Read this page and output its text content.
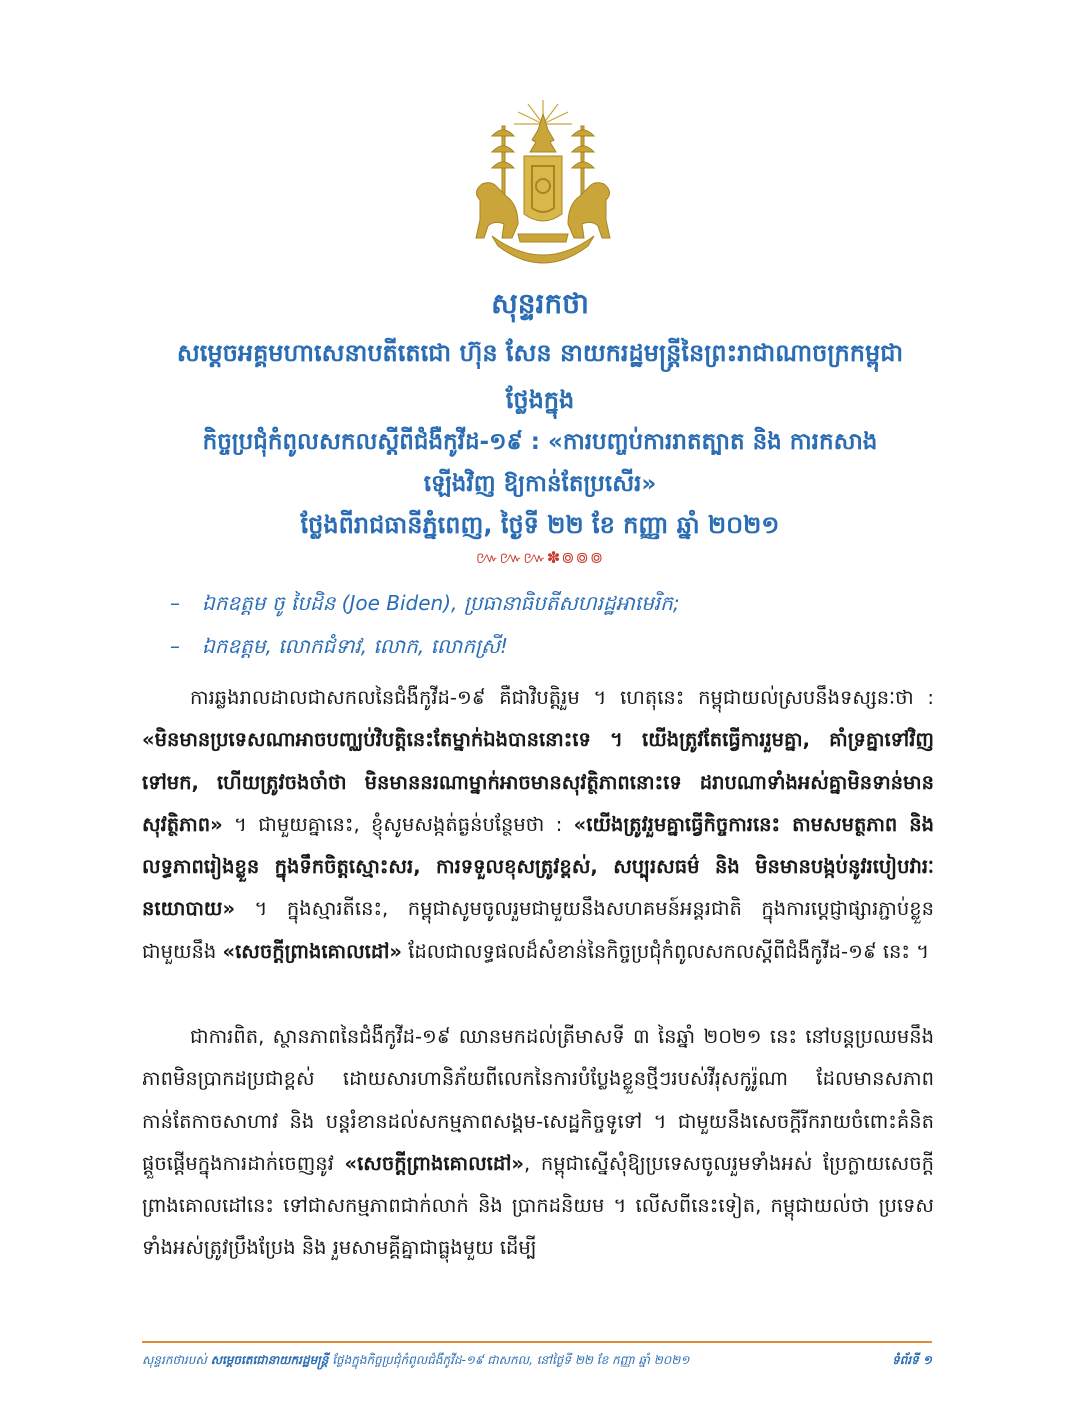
សុន្ទរកថា
សម្ដេចអគ្គមហាសេនាបតីតេជោ ហ៊ុន សែន នាយករដ្ឋមន្ត្រីនៃព្រះរាជាណាចក្រកម្ពុជា
ថ្លែងក្នុង
កិច្ចប្រជុំកំពូលសកលស្ដីពីជំងឺកូវីដ-១៩ : «ការបញ្ចប់ការរាតត្បាត និង ការកសាង
ឡើងវិញ ឱ្យកាន់តែប្រសើរ»
ថ្លែងពីរាជធានីភ្នំពេញ, ថ្ងៃទី ២២ ខែ កញ្ញា ឆ្នាំ ២០២១
៚៚៚✽៙៙៙

– ឯកឧត្តម ចូ បៃដិន (Joe Biden), ប្រធានាធិបតីសហរដ្ឋអាមេរិក;

– ឯកឧត្តម, លោកជំទាវ, លោក, លោកស្រី!

ការឆ្លងរាលដាលជាសកលនៃជំងឺកូវីដ-១៩ គឺជាវិបត្តិរួម ។ ហេតុនេះ កម្ពុជាយល់ស្របនឹងទស្សនៈថា : «មិនមានប្រទេសណាអាចបញ្ឈប់វិបត្តិនេះតែម្នាក់ឯងបាននោះទេ ។ យើងត្រូវតែធ្វើការរួមគ្នា, គាំទ្រគ្នាទៅវិញទៅមក, ហើយត្រូវចងចាំថា មិនមាននរណាម្នាក់អាចមានសុវត្ថិភាពនោះទេ ដរាបណាទាំងអស់គ្នាមិនទាន់មានសុវត្ថិភាព» ។ ជាមួយគ្នានេះ, ខ្ញុំសូមសង្កត់ធ្ងន់បន្ថែមថា : «យើងត្រូវរួមគ្នាធ្វើកិច្ចការនេះ តាមសមត្ថភាព និង លទ្ធភាពរៀងខ្លួន ក្នុងទឹកចិត្តស្មោះសរ, ការទទួលខុសត្រូវខ្ពស់, សប្បុរសធម៌ និង មិនមានបង្កប់នូវរបៀបវារៈនយោបាយ» ។ ក្នុងស្មារតីនេះ, កម្ពុជាសូមចូលរួមជាមួយនឹងសហគមន៍អន្តរជាតិ ក្នុងការប្ដេជ្ញាផ្សារភ្ជាប់ខ្លួនជាមួយនឹង «សេចក្ដីព្រាងគោលដៅ» ដែលជាលទ្ធផលដ៏សំខាន់នៃកិច្ចប្រជុំកំពូលសកលស្ដីពីជំងឺកូវីដ-១៩ នេះ ។

ជាការពិត, ស្ថានភាពនៃជំងឺកូវីដ-១៩ ឈានមកដល់ត្រីមាសទី ៣ នៃឆ្នាំ ២០២១ នេះ នៅបន្តប្រឈមនឹងភាពមិនប្រាកដប្រជាខ្ពស់ ដោយសារហានិភ័យពីលេកនៃការបំប្លែងខ្លួនថ្មីៗរបស់វីរុសកូរ៉ូណា ដែលមានសភាពកាន់តែកាចសាហាវ និង បន្តរំខានដល់សកម្មភាពសង្គម-សេដ្ឋកិច្ចទូទៅ ។ ជាមួយនឹងសេចក្ដីរីករាយចំពោះគំនិតផ្ដួចផ្ដើមក្នុងការដាក់ចេញនូវ «សេចក្ដីព្រាងគោលដៅ», កម្ពុជាស្នើសុំឱ្យប្រទេសចូលរួមទាំងអស់ ប្រែក្លាយសេចក្ដីព្រាងគោលដៅនេះ ទៅជាសកម្មភាពជាក់លាក់ និង ប្រាកដនិយម ។ លើសពីនេះទៀត, កម្ពុជាយល់ថា ប្រទេសទាំងអស់ត្រូវប្រឹងប្រែង និង រួមសាមគ្គីគ្នាជាធ្លុងមួយ ដើម្បី

សុន្ទរកថារបស់ សម្ដេចតេជោនាយករដ្ឋមន្ត្រី ថ្លែងក្នុងកិច្ចប្រជុំកំពូលជំងឺកូវីដ-១៩ ជាសកល, នៅថ្ងៃទី ២២ ខែ កញ្ញា ឆ្នាំ ២០២១	ទំព័រទី ១
